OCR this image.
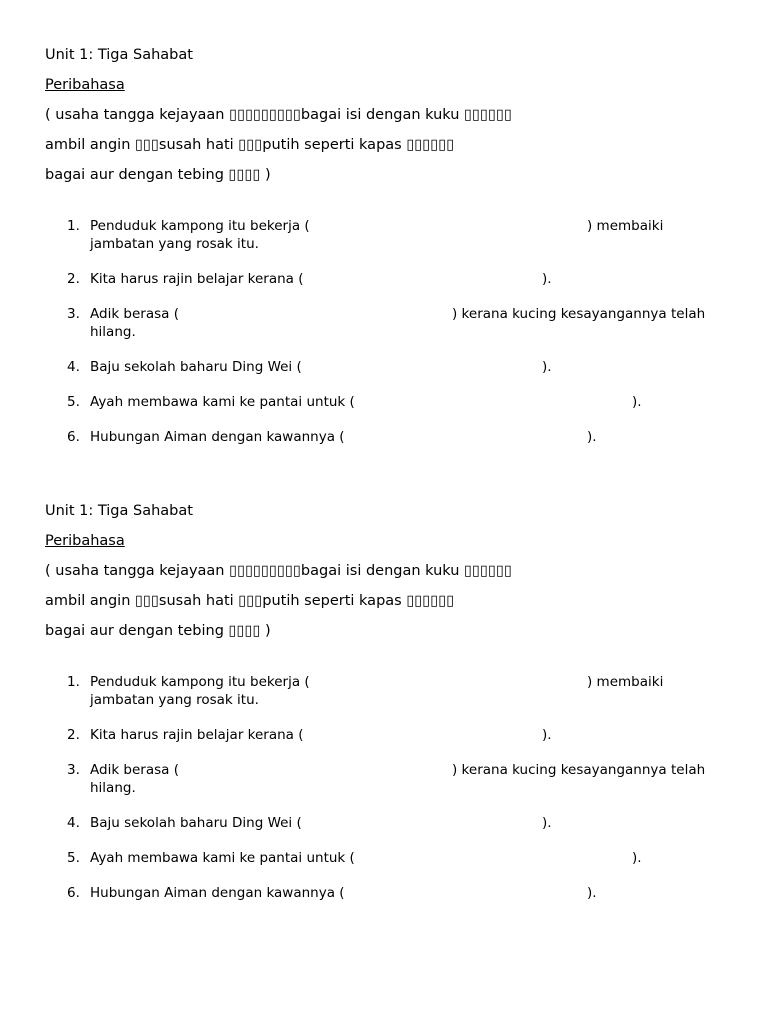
Unit 1: Tiga Sahabat
Peribahasa
( usaha tangga kejayaan ▯▯▯▯▯▯▯▯▯bagai isi dengan kuku ▯▯▯▯▯▯
ambil angin ▯▯▯susah hati ▯▯▯putih seperti kapas ▯▯▯▯▯▯
bagai aur dengan tebing ▯▯▯▯ )
1. Penduduk kampong itu bekerja (	) membaiki
jambatan yang rosak itu.
2. Kita harus rajin belajar kerana (	).
3. Adik berasa (	) kerana kucing kesayangannya telah
hilang.
4. Baju sekolah baharu Ding Wei (	).
5. Ayah membawa kami ke pantai untuk (	).
6. Hubungan Aiman dengan kawannya (	).
Unit 1: Tiga Sahabat
Peribahasa
( usaha tangga kejayaan ▯▯▯▯▯▯▯▯▯bagai isi dengan kuku ▯▯▯▯▯▯
ambil angin ▯▯▯susah hati ▯▯▯putih seperti kapas ▯▯▯▯▯▯
bagai aur dengan tebing ▯▯▯▯ )
1. Penduduk kampong itu bekerja (	) membaiki
jambatan yang rosak itu.
2. Kita harus rajin belajar kerana (	).
3. Adik berasa (	) kerana kucing kesayangannya telah
hilang.
4. Baju sekolah baharu Ding Wei (	).
5. Ayah membawa kami ke pantai untuk (	).
6. Hubungan Aiman dengan kawannya (	).
